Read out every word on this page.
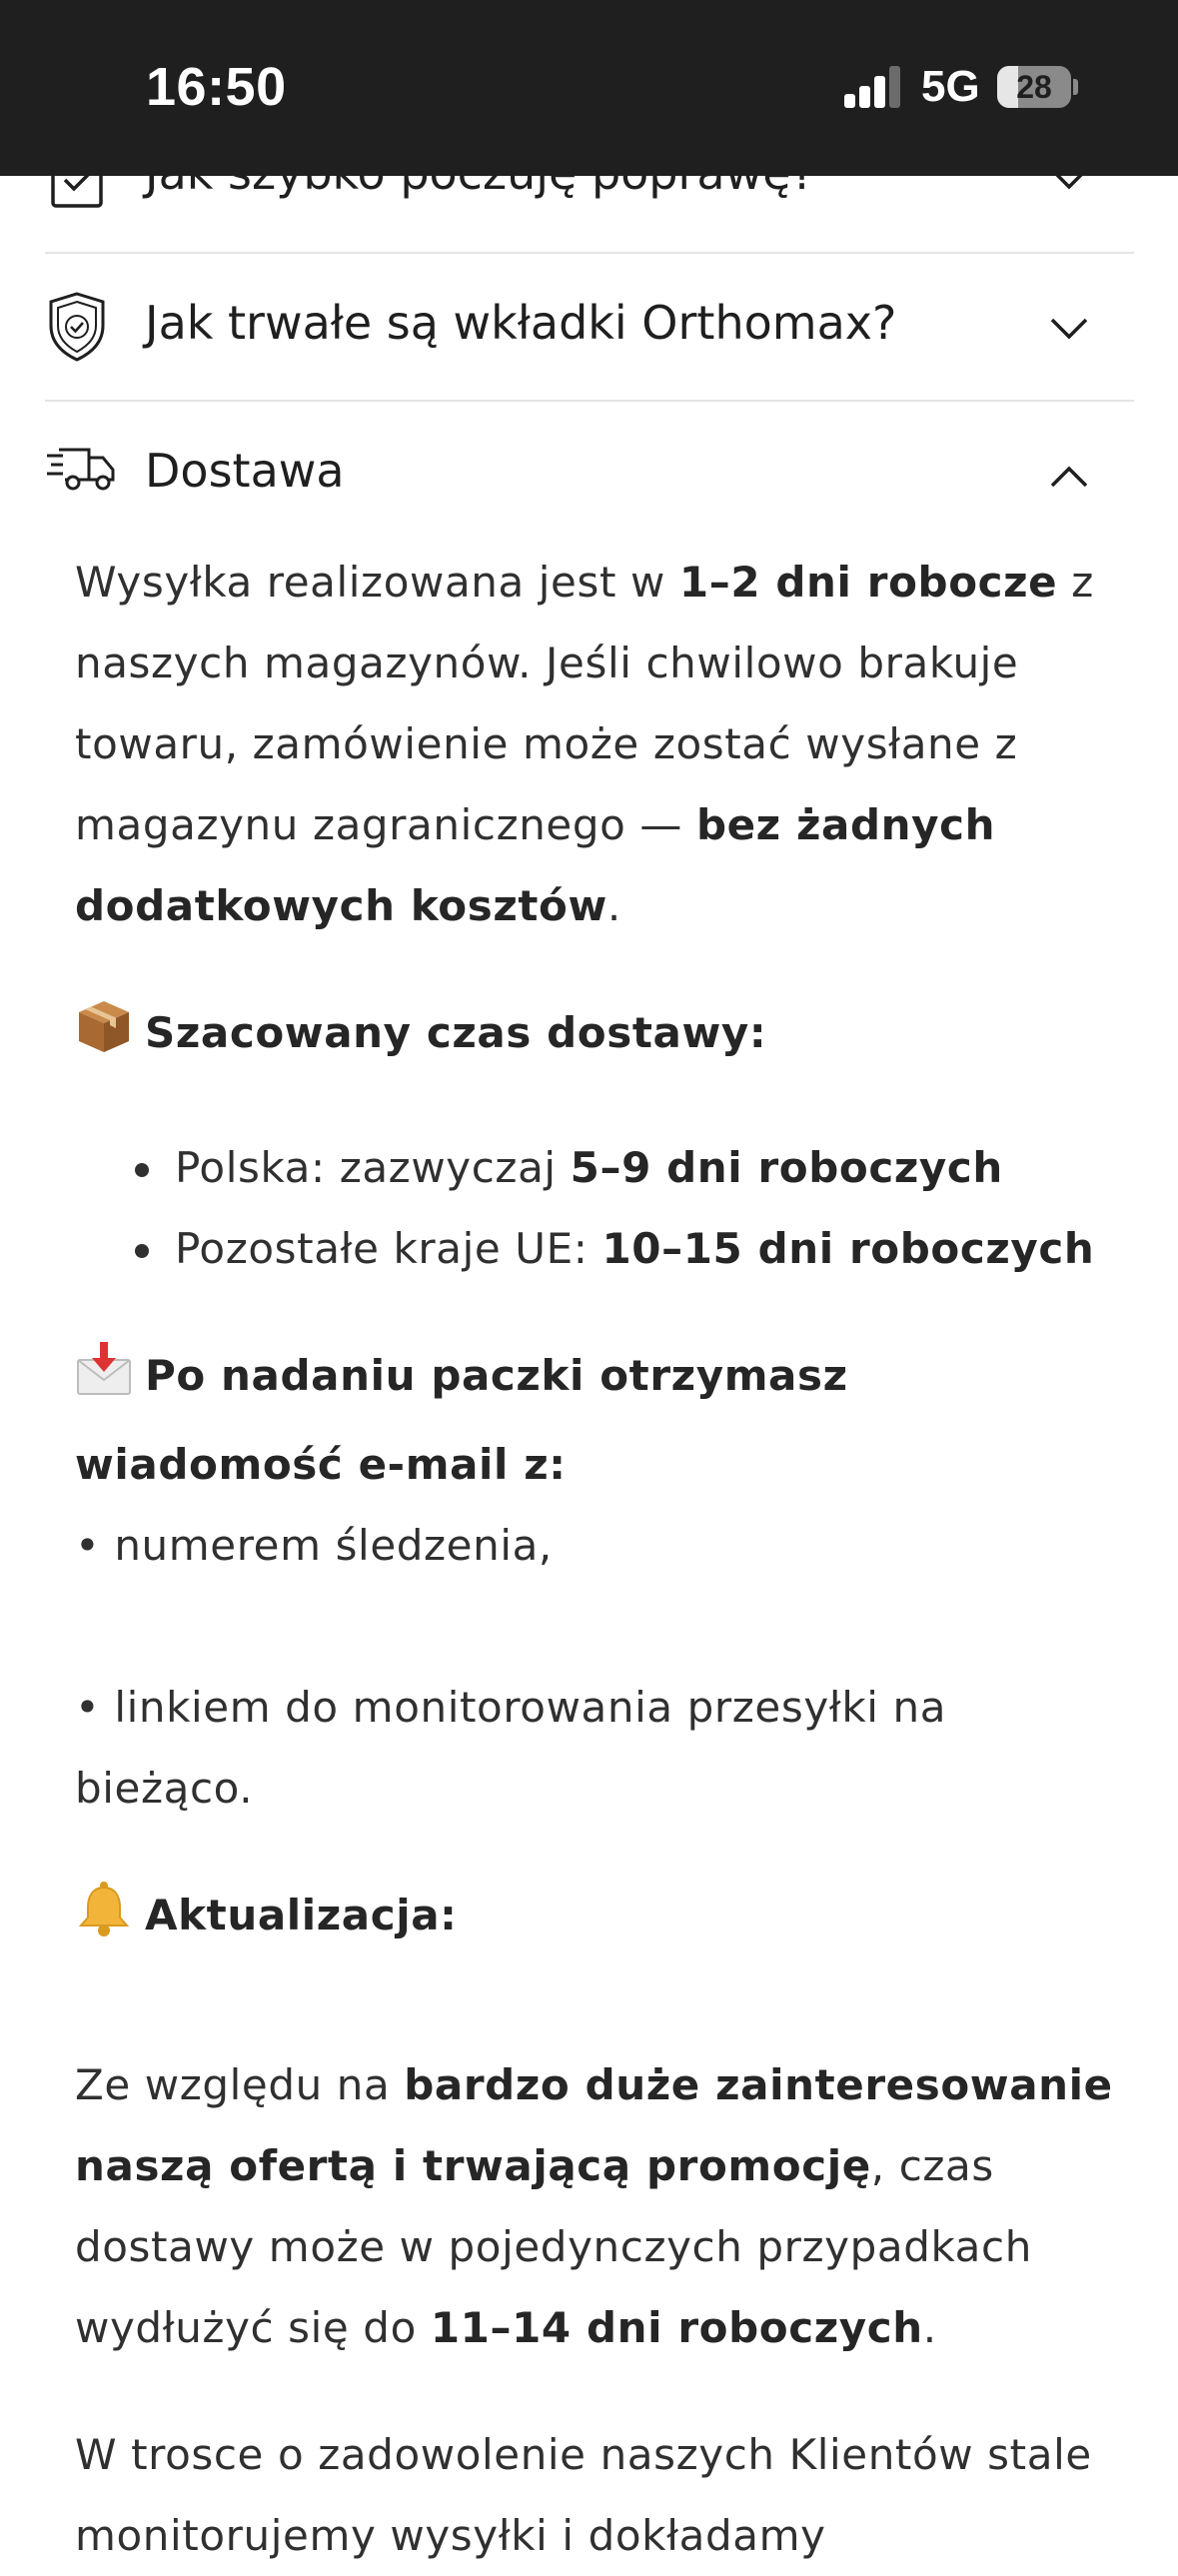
16:50	5G	28
Jak szybko poczuję poprawę?
Jak trwałe są wkładki Orthomax?
Dostawa

Wysyłka realizowana jest w 1–2 dni robocze z naszych magazynów. Jeśli chwilowo brakuje towaru, zamówienie może zostać wysłane z magazynu zagranicznego — bez żadnych dodatkowych kosztów.

Szacowany czas dostawy:

Polska: zazwyczaj 5–9 dni roboczych
Pozostałe kraje UE: 10–15 dni roboczych

Po nadaniu paczki otrzymasz wiadomość e-mail z:

• numerem śledzenia,

• linkiem do monitorowania przesyłki na bieżąco.

Aktualizacja:

Ze względu na bardzo duże zainteresowanie naszą ofertą i trwającą promocję, czas dostawy może w pojedynczych przypadkach wydłużyć się do 11–14 dni roboczych.

W trosce o zadowolenie naszych Klientów stale monitorujemy wysyłki i dokładamy
